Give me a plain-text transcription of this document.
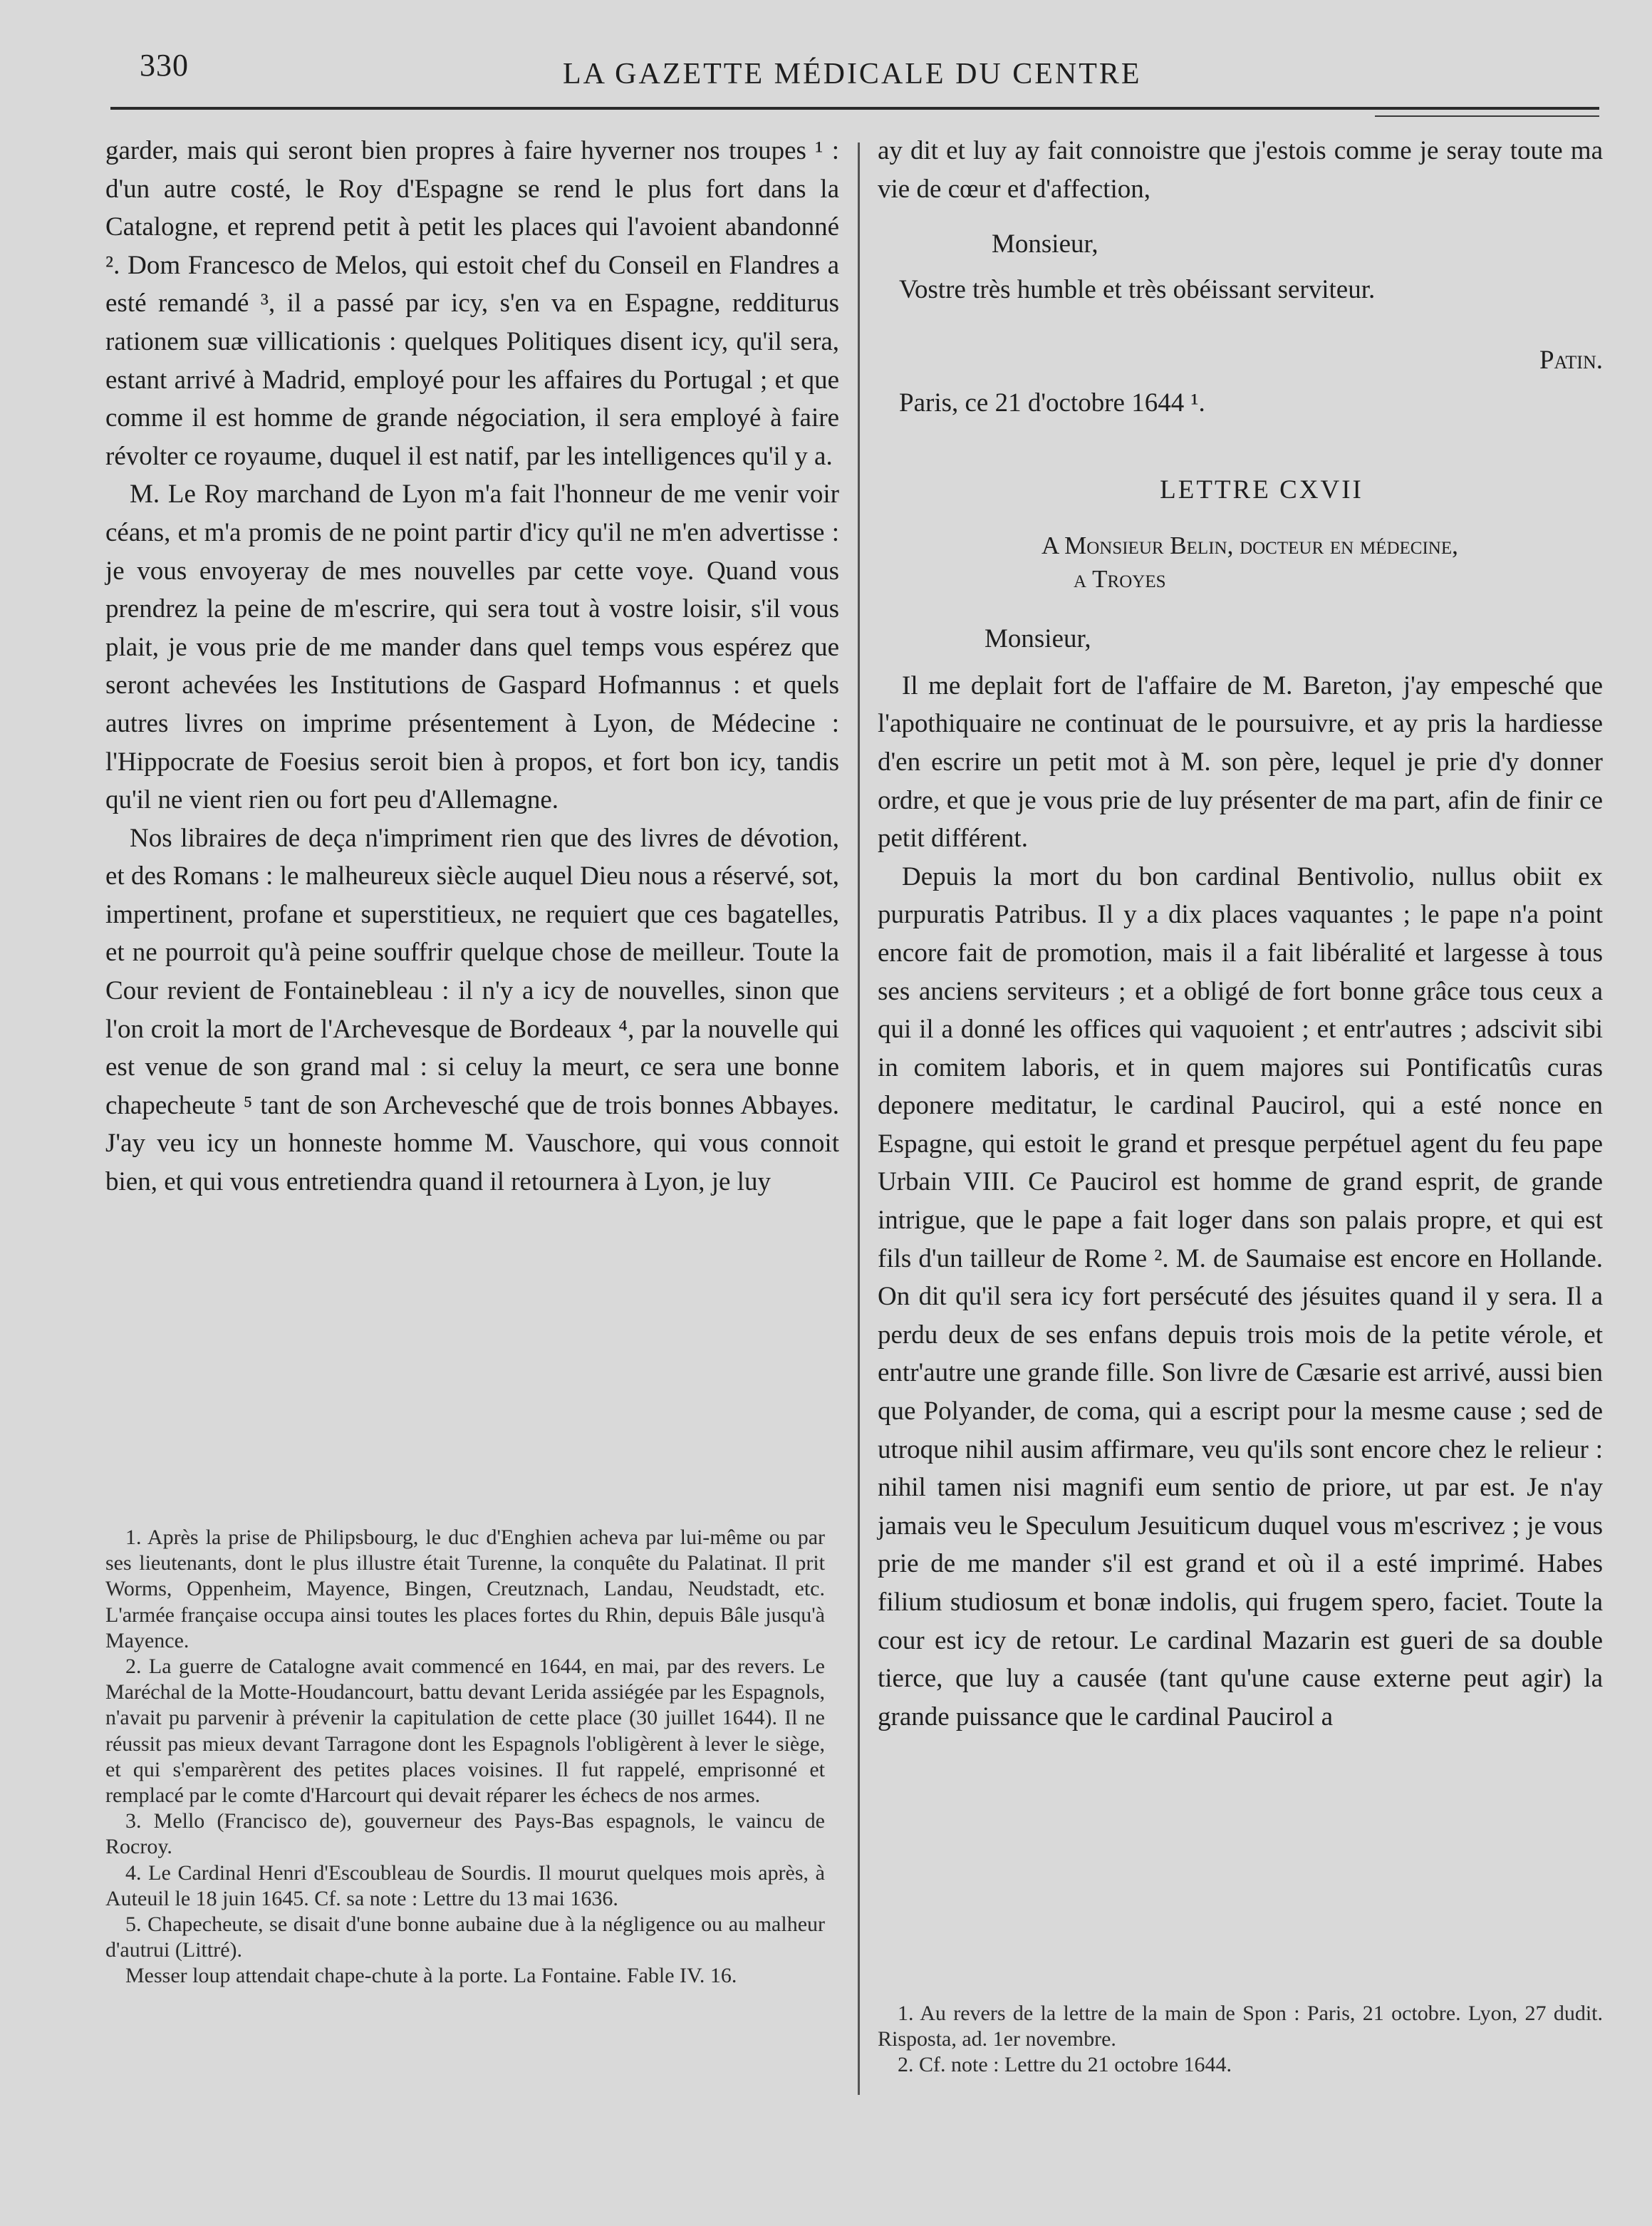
330	LA GAZETTE MÉDICALE DU CENTRE

garder, mais qui seront bien propres à faire hyverner nos troupes ¹ : d'un autre costé, le Roy d'Espagne se rend le plus fort dans la Catalogne, et reprend petit à petit les places qui l'avoient abandonné ². Dom Francesco de Melos, qui estoit chef du Conseil en Flandres a esté remandé ³, il a passé par icy, s'en va en Espagne, redditurus rationem suæ villicationis : quelques Politiques disent icy, qu'il sera, estant arrivé à Madrid, employé pour les affaires du Portugal ; et que comme il est homme de grande négociation, il sera employé à faire révolter ce royaume, duquel il est natif, par les intelligences qu'il y a.

M. Le Roy marchand de Lyon m'a fait l'honneur de me venir voir céans, et m'a promis de ne point partir d'icy qu'il ne m'en advertisse : je vous envoyeray de mes nouvelles par cette voye. Quand vous prendrez la peine de m'escrire, qui sera tout à vostre loisir, s'il vous plait, je vous prie de me mander dans quel temps vous espérez que seront achevées les Institutions de Gaspard Hofmannus : et quels autres livres on imprime présentement à Lyon, de Médecine : l'Hippocrate de Foesius seroit bien à propos, et fort bon icy, tandis qu'il ne vient rien ou fort peu d'Allemagne.

Nos libraires de deça n'impriment rien que des livres de dévotion, et des Romans : le malheureux siècle auquel Dieu nous a réservé, sot, impertinent, profane et superstitieux, ne requiert que ces bagatelles, et ne pourroit qu'à peine souffrir quelque chose de meilleur. Toute la Cour revient de Fontainebleau : il n'y a icy de nouvelles, sinon que l'on croit la mort de l'Archevesque de Bordeaux ⁴, par la nouvelle qui est venue de son grand mal : si celuy la meurt, ce sera une bonne chapecheute ⁵ tant de son Archevesché que de trois bonnes Abbayes. J'ay veu icy un honneste homme M. Vauschore, qui vous connoit bien, et qui vous entretiendra quand il retournera à Lyon, je luy

1. Après la prise de Philipsbourg, le duc d'Enghien acheva par lui-même ou par ses lieutenants, dont le plus illustre était Turenne, la conquête du Palatinat. Il prit Worms, Oppenheim, Mayence, Bingen, Creutznach, Landau, Neudstadt, etc. L'armée française occupa ainsi toutes les places fortes du Rhin, depuis Bâle jusqu'à Mayence.

2. La guerre de Catalogne avait commencé en 1644, en mai, par des revers. Le Maréchal de la Motte-Houdancourt, battu devant Lerida assiégée par les Espagnols, n'avait pu parvenir à prévenir la capitulation de cette place (30 juillet 1644). Il ne réussit pas mieux devant Tarragone dont les Espagnols l'obligèrent à lever le siège, et qui s'emparèrent des petites places voisines. Il fut rappelé, emprisonné et remplacé par le comte d'Harcourt qui devait réparer les échecs de nos armes.

3. Mello (Francisco de), gouverneur des Pays-Bas espagnols, le vaincu de Rocroy.

4. Le Cardinal Henri d'Escoubleau de Sourdis. Il mourut quelques mois après, à Auteuil le 18 juin 1645. Cf. sa note : Lettre du 13 mai 1636.

5. Chapecheute, se disait d'une bonne aubaine due à la négligence ou au malheur d'autrui (Littré).

Messer loup attendait chape-chute à la porte. La Fontaine. Fable IV. 16.

ay dit et luy ay fait connoistre que j'estois comme je seray toute ma vie de cœur et d'affection,

Monsieur,

Vostre très humble et très obéissant serviteur.

Patin.

Paris, ce 21 d'octobre 1644 ¹.

LETTRE CXVII

A Monsieur Belin, docteur en médecine,

a Troyes

Monsieur,

Il me deplait fort de l'affaire de M. Bareton, j'ay empesché que l'apothiquaire ne continuat de le poursuivre, et ay pris la hardiesse d'en escrire un petit mot à M. son père, lequel je prie d'y donner ordre, et que je vous prie de luy présenter de ma part, afin de finir ce petit différent.

Depuis la mort du bon cardinal Bentivolio, nullus obiit ex purpuratis Patribus. Il y a dix places vaquantes ; le pape n'a point encore fait de promotion, mais il a fait libéralité et largesse à tous ses anciens serviteurs ; et a obligé de fort bonne grâce tous ceux a qui il a donné les offices qui vaquoient ; et entr'autres ; adscivit sibi in comitem laboris, et in quem majores sui Pontificatûs curas deponere meditatur, le cardinal Paucirol, qui a esté nonce en Espagne, qui estoit le grand et presque perpétuel agent du feu pape Urbain VIII. Ce Paucirol est homme de grand esprit, de grande intrigue, que le pape a fait loger dans son palais propre, et qui est fils d'un tailleur de Rome ². M. de Saumaise est encore en Hollande. On dit qu'il sera icy fort persécuté des jésuites quand il y sera. Il a perdu deux de ses enfans depuis trois mois de la petite vérole, et entr'autre une grande fille. Son livre de Cæsarie est arrivé, aussi bien que Polyander, de coma, qui a escript pour la mesme cause ; sed de utroque nihil ausim affirmare, veu qu'ils sont encore chez le relieur : nihil tamen nisi magnifi eum sentio de priore, ut par est. Je n'ay jamais veu le Speculum Jesuiticum duquel vous m'escrivez ; je vous prie de me mander s'il est grand et où il a esté imprimé. Habes filium studiosum et bonæ indolis, qui frugem spero, faciet. Toute la cour est icy de retour. Le cardinal Mazarin est gueri de sa double tierce, que luy a causée (tant qu'une cause externe peut agir) la grande puissance que le cardinal Paucirol a

1. Au revers de la lettre de la main de Spon : Paris, 21 octobre. Lyon, 27 dudit. Risposta, ad. 1er novembre.

2. Cf. note : Lettre du 21 octobre 1644.
